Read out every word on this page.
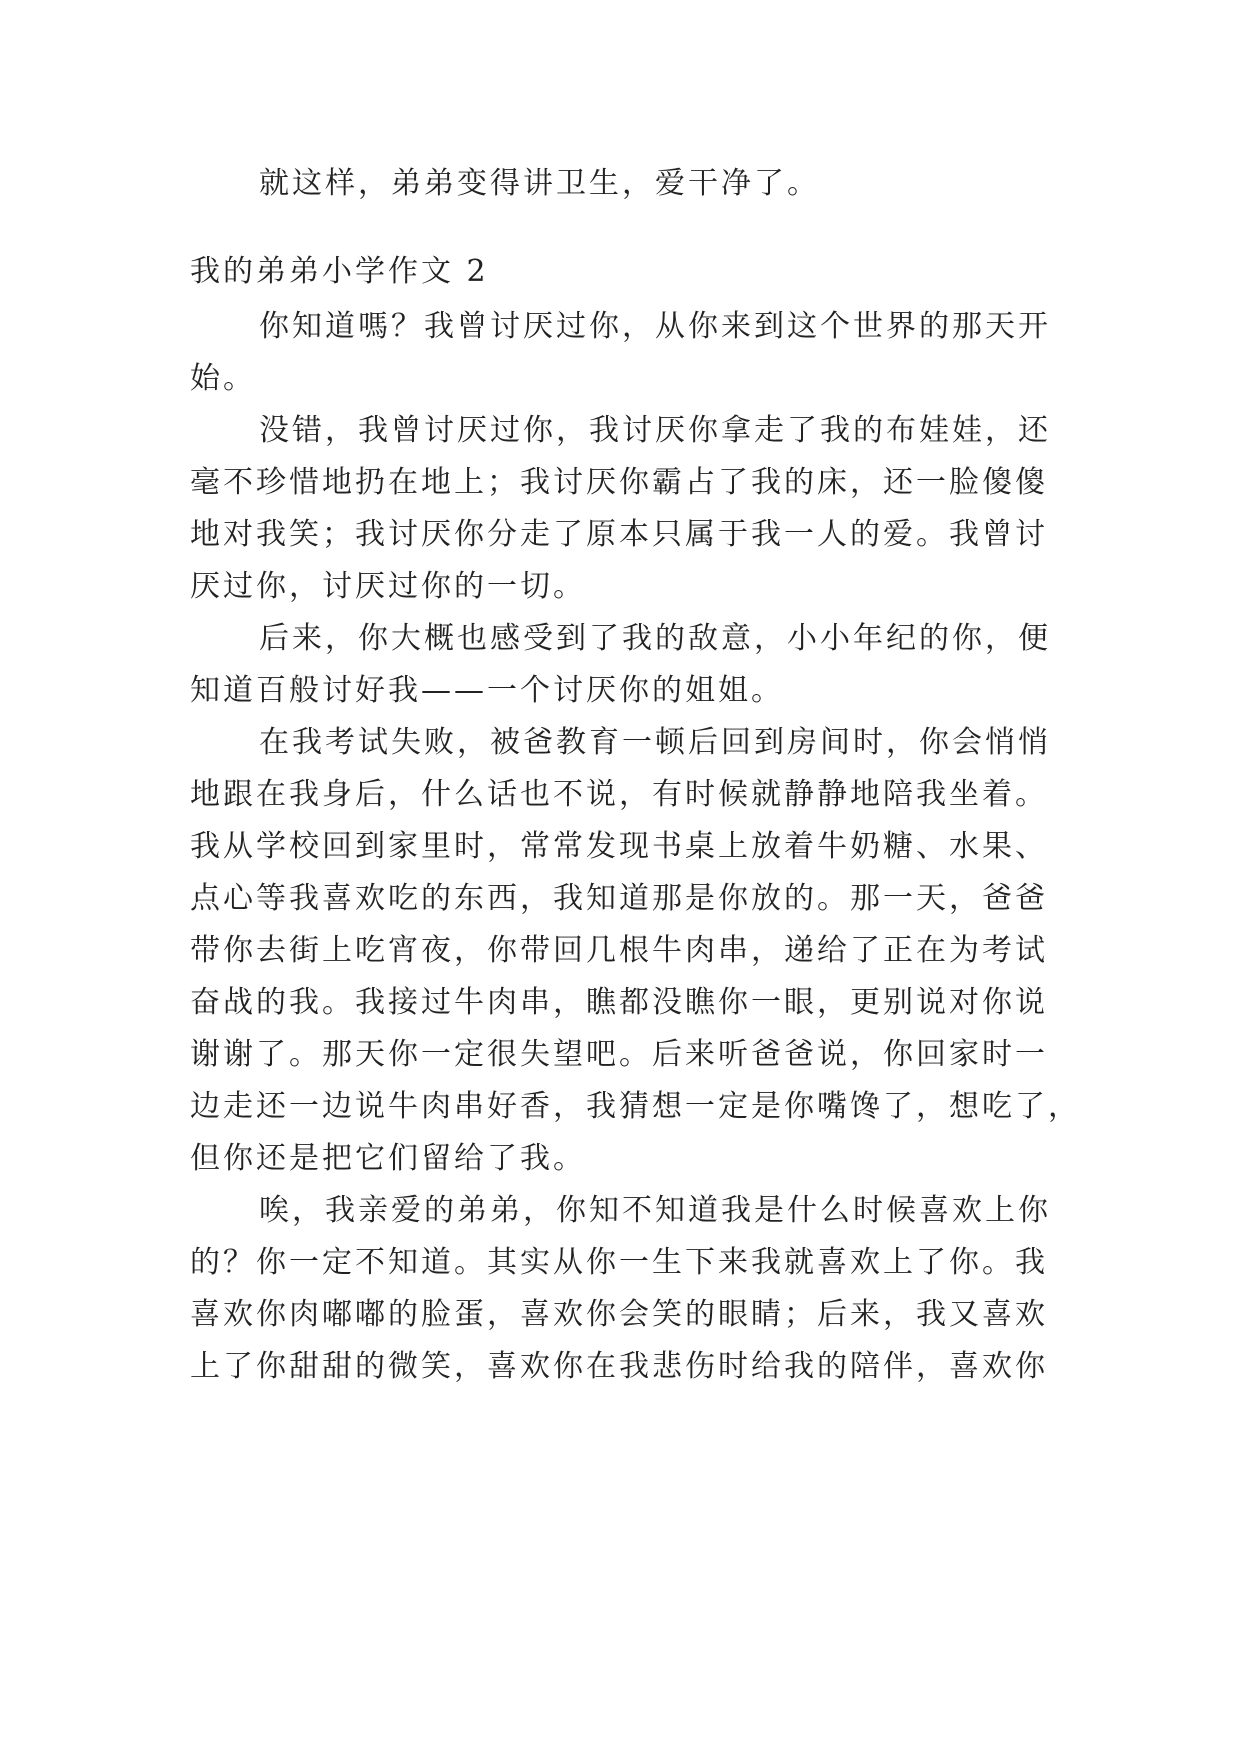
就这样，弟弟变得讲卫生，爱干净了。
我的弟弟小学作文 2
你知道嗎？我曾讨厌过你，从你来到这个世界的那天开
始。
没错，我曾讨厌过你，我讨厌你拿走了我的布娃娃，还
毫不珍惜地扔在地上；我讨厌你霸占了我的床，还一脸傻傻
地对我笑；我讨厌你分走了原本只属于我一人的爱。我曾讨
厌过你，讨厌过你的一切。
后来，你大概也感受到了我的敌意，小小年纪的你，便
知道百般讨好我——一个讨厌你的姐姐。
在我考试失败，被爸教育一顿后回到房间时，你会悄悄
地跟在我身后，什么话也不说，有时候就静静地陪我坐着。
我从学校回到家里时，常常发现书桌上放着牛奶糖、水果、
点心等我喜欢吃的东西，我知道那是你放的。那一天，爸爸
带你去街上吃宵夜，你带回几根牛肉串，递给了正在为考试
奋战的我。我接过牛肉串，瞧都没瞧你一眼，更别说对你说
谢谢了。那天你一定很失望吧。后来听爸爸说，你回家时一
边走还一边说牛肉串好香，我猜想一定是你嘴馋了，想吃了，
但你还是把它们留给了我。
唉，我亲爱的弟弟，你知不知道我是什么时候喜欢上你
的？你一定不知道。其实从你一生下来我就喜欢上了你。我
喜欢你肉嘟嘟的脸蛋，喜欢你会笑的眼睛；后来，我又喜欢
上了你甜甜的微笑，喜欢你在我悲伤时给我的陪伴，喜欢你
